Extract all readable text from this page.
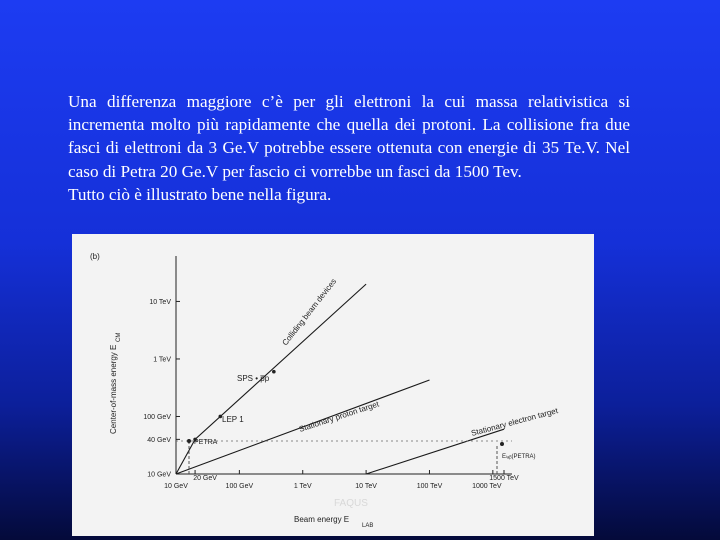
Una differenza maggiore c’è per gli elettroni la cui massa relativistica si incrementa molto più rapidamente che quella dei protoni. La collisione fra due fasci di elettroni da 3 Ge.V potrebbe essere ottenuta con energie di 35 Te.V. Nel caso di Petra 20 Ge.V per fascio ci vorrebbe un fasci da 1500 Tev.

Tutto ciò è illustrato bene nella figura.

(b)
Center-of-mass energy E
CM
10 TeV
1 TeV
100 GeV
40 GeV
10 GeV
10 GeV
20 GeV
100 GeV	1 TeV	10 TeV	100 TeV
1500 TeV
1000 TeV
Colliding beam devices
Stationary proton target	Stationary electron target
SPS • p̅p
LEP 1
PETRA
Eₗₐᵦ(PETRA)
Beam energy E
LAB
FAQUS
